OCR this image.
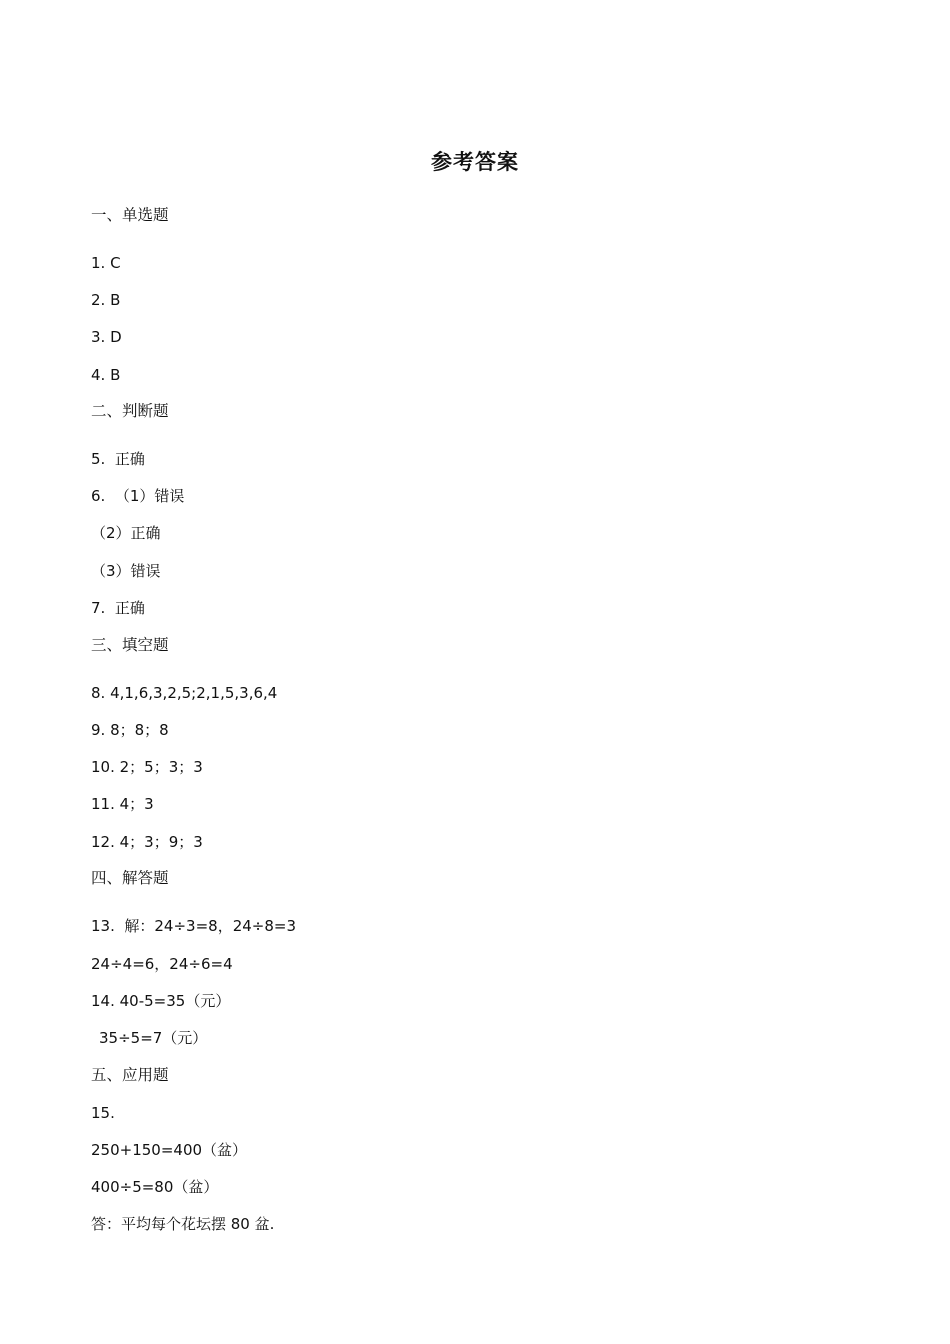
参考答案
一、单选题
1. C
2. B
3. D
4. B
二、判断题
5.  正确
6.  （1）错误
（2）正确
（3）错误
7.  正确
三、填空题
8. 4,1,6,3,2,5;2,1,5,3,6,4
9. 8；8；8
10. 2；5；3；3
11. 4；3
12. 4；3；9；3
四、解答题
13.  解：24÷3=8，24÷8=3
24÷4=6，24÷6=4
14. 40-5=35（元）
35÷5=7（元）
五、应用题
15.
250+150=400（盆）
400÷5=80（盆）
答：平均每个花坛摆 80 盆.
